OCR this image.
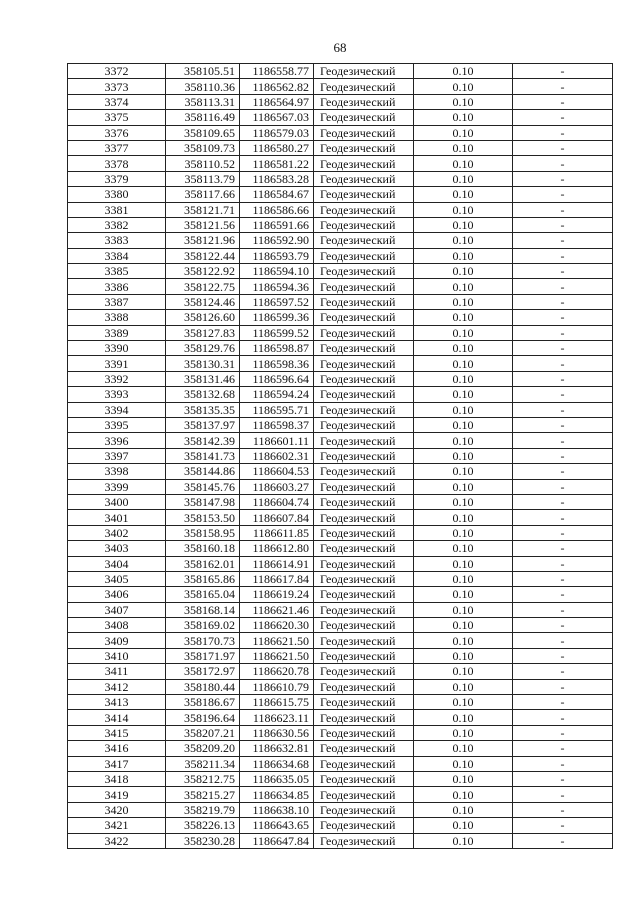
68
3372	358105.51	1186558.77	Геодезический	0.10	-
3373	358110.36	1186562.82	Геодезический	0.10	-
3374	358113.31	1186564.97	Геодезический	0.10	-
3375	358116.49	1186567.03	Геодезический	0.10	-
3376	358109.65	1186579.03	Геодезический	0.10	-
3377	358109.73	1186580.27	Геодезический	0.10	-
3378	358110.52	1186581.22	Геодезический	0.10	-
3379	358113.79	1186583.28	Геодезический	0.10	-
3380	358117.66	1186584.67	Геодезический	0.10	-
3381	358121.71	1186586.66	Геодезический	0.10	-
3382	358121.56	1186591.66	Геодезический	0.10	-
3383	358121.96	1186592.90	Геодезический	0.10	-
3384	358122.44	1186593.79	Геодезический	0.10	-
3385	358122.92	1186594.10	Геодезический	0.10	-
3386	358122.75	1186594.36	Геодезический	0.10	-
3387	358124.46	1186597.52	Геодезический	0.10	-
3388	358126.60	1186599.36	Геодезический	0.10	-
3389	358127.83	1186599.52	Геодезический	0.10	-
3390	358129.76	1186598.87	Геодезический	0.10	-
3391	358130.31	1186598.36	Геодезический	0.10	-
3392	358131.46	1186596.64	Геодезический	0.10	-
3393	358132.68	1186594.24	Геодезический	0.10	-
3394	358135.35	1186595.71	Геодезический	0.10	-
3395	358137.97	1186598.37	Геодезический	0.10	-
3396	358142.39	1186601.11	Геодезический	0.10	-
3397	358141.73	1186602.31	Геодезический	0.10	-
3398	358144.86	1186604.53	Геодезический	0.10	-
3399	358145.76	1186603.27	Геодезический	0.10	-
3400	358147.98	1186604.74	Геодезический	0.10	-
3401	358153.50	1186607.84	Геодезический	0.10	-
3402	358158.95	1186611.85	Геодезический	0.10	-
3403	358160.18	1186612.80	Геодезический	0.10	-
3404	358162.01	1186614.91	Геодезический	0.10	-
3405	358165.86	1186617.84	Геодезический	0.10	-
3406	358165.04	1186619.24	Геодезический	0.10	-
3407	358168.14	1186621.46	Геодезический	0.10	-
3408	358169.02	1186620.30	Геодезический	0.10	-
3409	358170.73	1186621.50	Геодезический	0.10	-
3410	358171.97	1186621.50	Геодезический	0.10	-
3411	358172.97	1186620.78	Геодезический	0.10	-
3412	358180.44	1186610.79	Геодезический	0.10	-
3413	358186.67	1186615.75	Геодезический	0.10	-
3414	358196.64	1186623.11	Геодезический	0.10	-
3415	358207.21	1186630.56	Геодезический	0.10	-
3416	358209.20	1186632.81	Геодезический	0.10	-
3417	358211.34	1186634.68	Геодезический	0.10	-
3418	358212.75	1186635.05	Геодезический	0.10	-
3419	358215.27	1186634.85	Геодезический	0.10	-
3420	358219.79	1186638.10	Геодезический	0.10	-
3421	358226.13	1186643.65	Геодезический	0.10	-
3422	358230.28	1186647.84	Геодезический	0.10	-
